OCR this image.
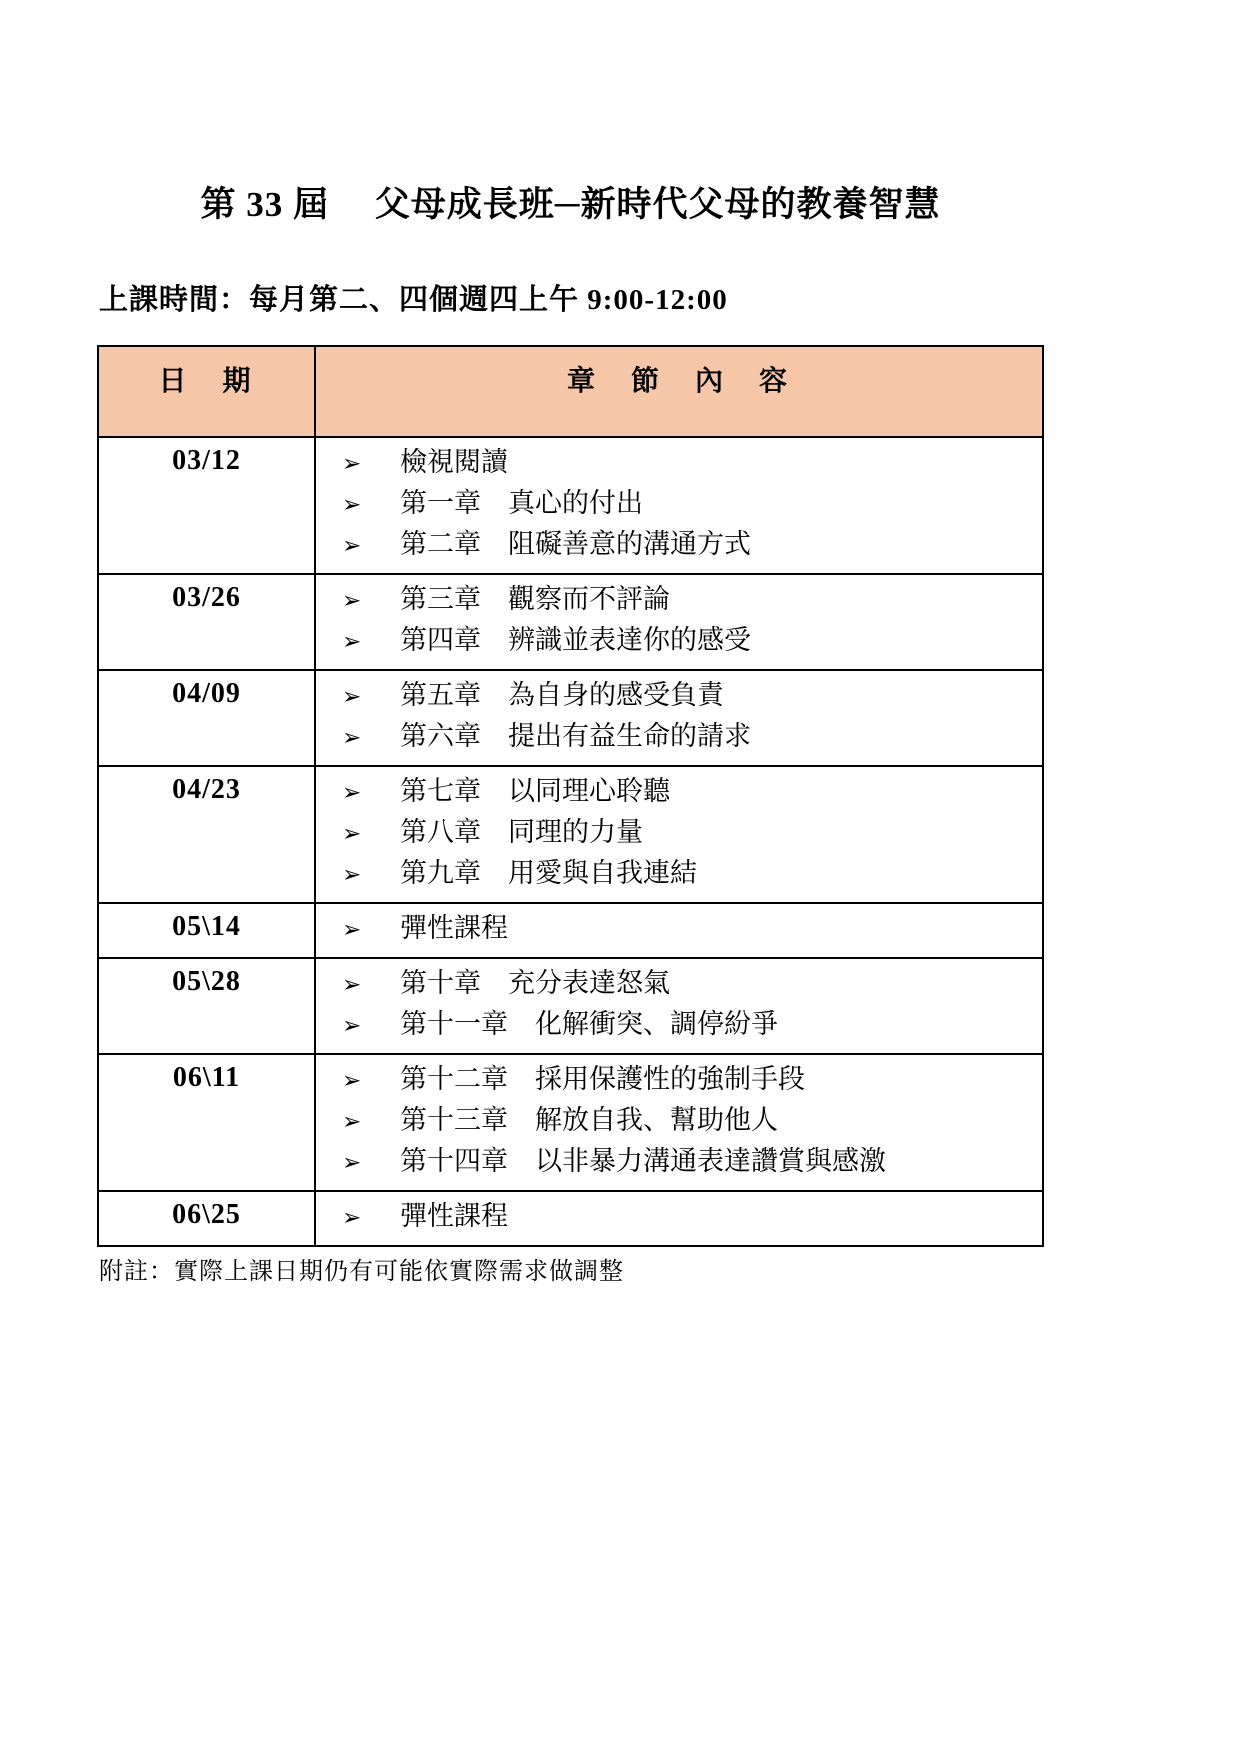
第 33 屆　 父母成長班─新時代父母的教養智慧
上課時間：每月第二、四個週四上午 9:00-12:00
日　期	章　節　內　容
03/12	➢	檢視閱讀
➢	第一章　真心的付出
➢	第二章　阻礙善意的溝通方式

03/26	➢ 第三章　觀察而不評論
➢ 第四章　辨識並表達你的感受

04/09	➢ 第五章　為自身的感受負責
➢ 第六章　提出有益生命的請求

04/23	➢	第七章　以同理心聆聽
➢	第八章　同理的力量
➢	第九章　用愛與自我連結

05\14	➢ 彈性課程

05\28	➢ 第十章　充分表達怒氣
➢ 第十一章　化解衝突、調停紛爭

06\11	➢	第十二章　採用保護性的強制手段
➢	第十三章　解放自我、幫助他人
➢	第十四章　以非暴力溝通表達讚賞與感激

06\25	➢ 彈性課程
附註：實際上課日期仍有可能依實際需求做調整
